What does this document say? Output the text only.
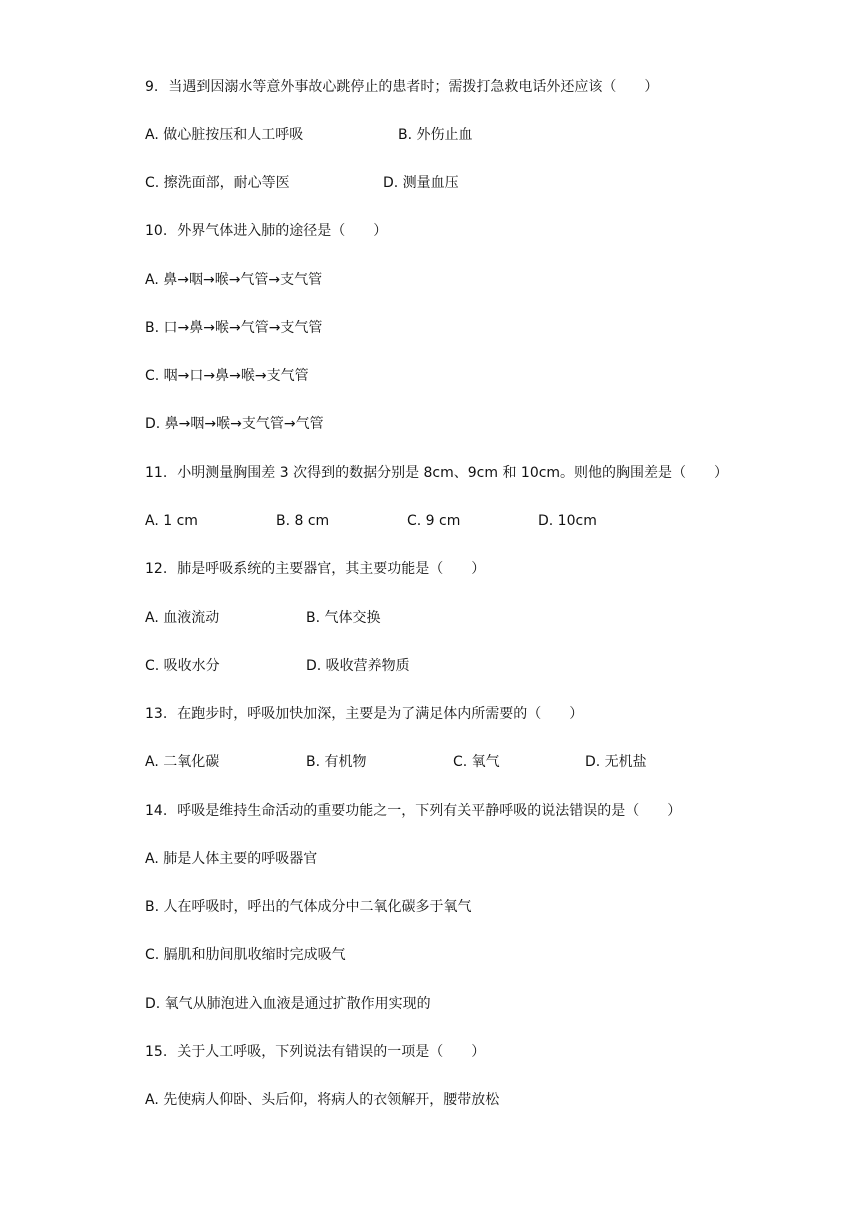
9. 当遇到因溺水等意外事故心跳停止的患者时；需拨打急救电话外还应该（　　）
A. 做心脏按压和人工呼吸	B. 外伤止血
C. 擦洗面部，耐心等医	D. 测量血压
10. 外界气体进入肺的途径是（　　）
A. 鼻→咽→喉→气管→支气管
B. 口→鼻→喉→气管→支气管
C. 咽→口→鼻→喉→支气管
D. 鼻→咽→喉→支气管→气管
11. 小明测量胸围差 3 次得到的数据分别是 8cm、9cm 和 10cm。则他的胸围差是（　　）
A. 1 cm	B. 8 cm	C. 9 cm	D. 10cm
12. 肺是呼吸系统的主要器官，其主要功能是（　　）
A. 血液流动	B. 气体交换
C. 吸收水分	D. 吸收营养物质
13. 在跑步时，呼吸加快加深，主要是为了满足体内所需要的（　　）
A. 二氧化碳	B. 有机物	C. 氧气	D. 无机盐
14. 呼吸是维持生命活动的重要功能之一，下列有关平静呼吸的说法错误的是（　　）
A. 肺是人体主要的呼吸器官
B. 人在呼吸时，呼出的气体成分中二氧化碳多于氧气
C. 膈肌和肋间肌收缩时完成吸气
D. 氧气从肺泡进入血液是通过扩散作用实现的
15. 关于人工呼吸，下列说法有错误的一项是（　　）
A. 先使病人仰卧、头后仰，将病人的衣领解开，腰带放松
